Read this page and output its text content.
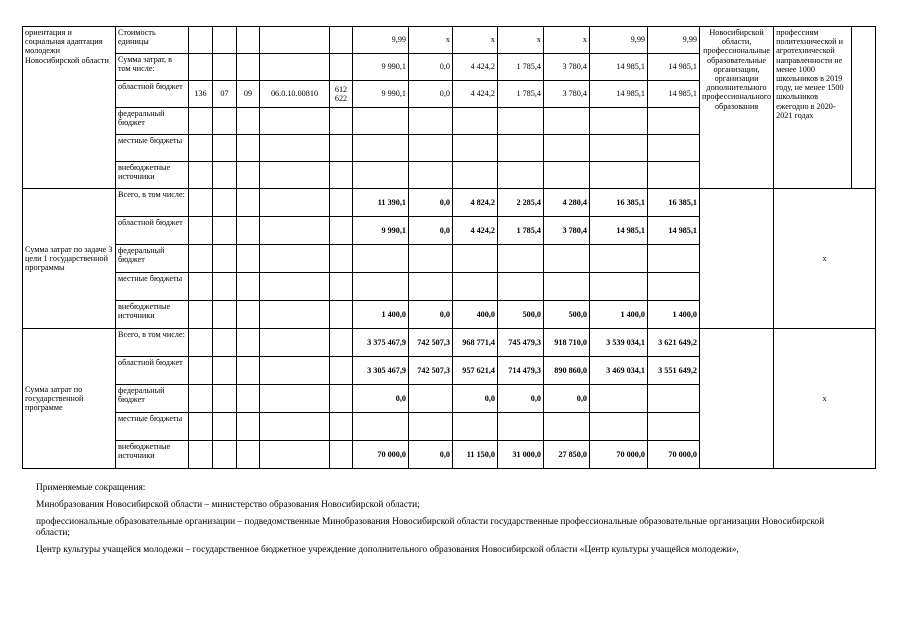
ориентация и социальная адаптация молодежи Новосибирской области	Стоимость единицы						9,99	х	х	х	х	9,99	9,99	Новосибирской области, профессиональные образовательные организации, организации дополнительного профессионального образования	профессиям политехнической и агротехнической направленности не менее 1000 школьников в 2019 году, не менее 1500 школьников ежегодно в 2020-2021 годах	
	Сумма затрат, в том числе:						9 990,1	0,0	4 424,2	1 785,4	3 780,4	14 985,1	14 985,1			
	областной бюджет	136	07	09	06.0.10.00810	612 622	9 990,1	0,0	4 424,2	1 785,4	3 780,4	14 985,1	14 985,1			
	федеральный бюджет															
	местные бюджеты															
	внебюджетные источники															
Сумма затрат по задаче 3 цели 1 государственной программы	Всего, в том числе:						11 390,1	0,0	4 824,2	2 285,4	4 280,4	16 385,1	16 385,1		х	
	областной бюджет						9 990,1	0,0	4 424,2	1 785,4	3 780,4	14 985,1	14 985,1			
	федеральный бюджет															
	местные бюджеты															
	внебюджетные источники						1 400,0	0,0	400,0	500,0	500,0	1 400,0	1 400,0			
Сумма затрат по государственной программе	Всего, в том числе:						3 375 467,9	742 507,3	968 771,4	745 479,3	918 710,0	3 539 034,1	3 621 649,2		х	
	областной бюджет						3 305 467,9	742 507,3	957 621,4	714 479,3	890 860,0	3 469 034,1	3 551 649,2			
	федеральный бюджет						0,0		0,0	0,0	0,0					
	местные бюджеты															
	внебюджетные источники						70 000,0	0,0	11 150,0	31 000,0	27 850,0	70 000,0	70 000,0			

Применяемые сокращения:

Минобразования Новосибирской области – министерство образования Новосибирской области;

профессиональные образовательные организации – подведомственные Минобразования Новосибирской области государственные профессиональные образовательные организации Новосибирской области;

Центр культуры учащейся молодежи – государственное бюджетное учреждение дополнительного образования Новосибирской области «Центр культуры учащейся молодежи»,
